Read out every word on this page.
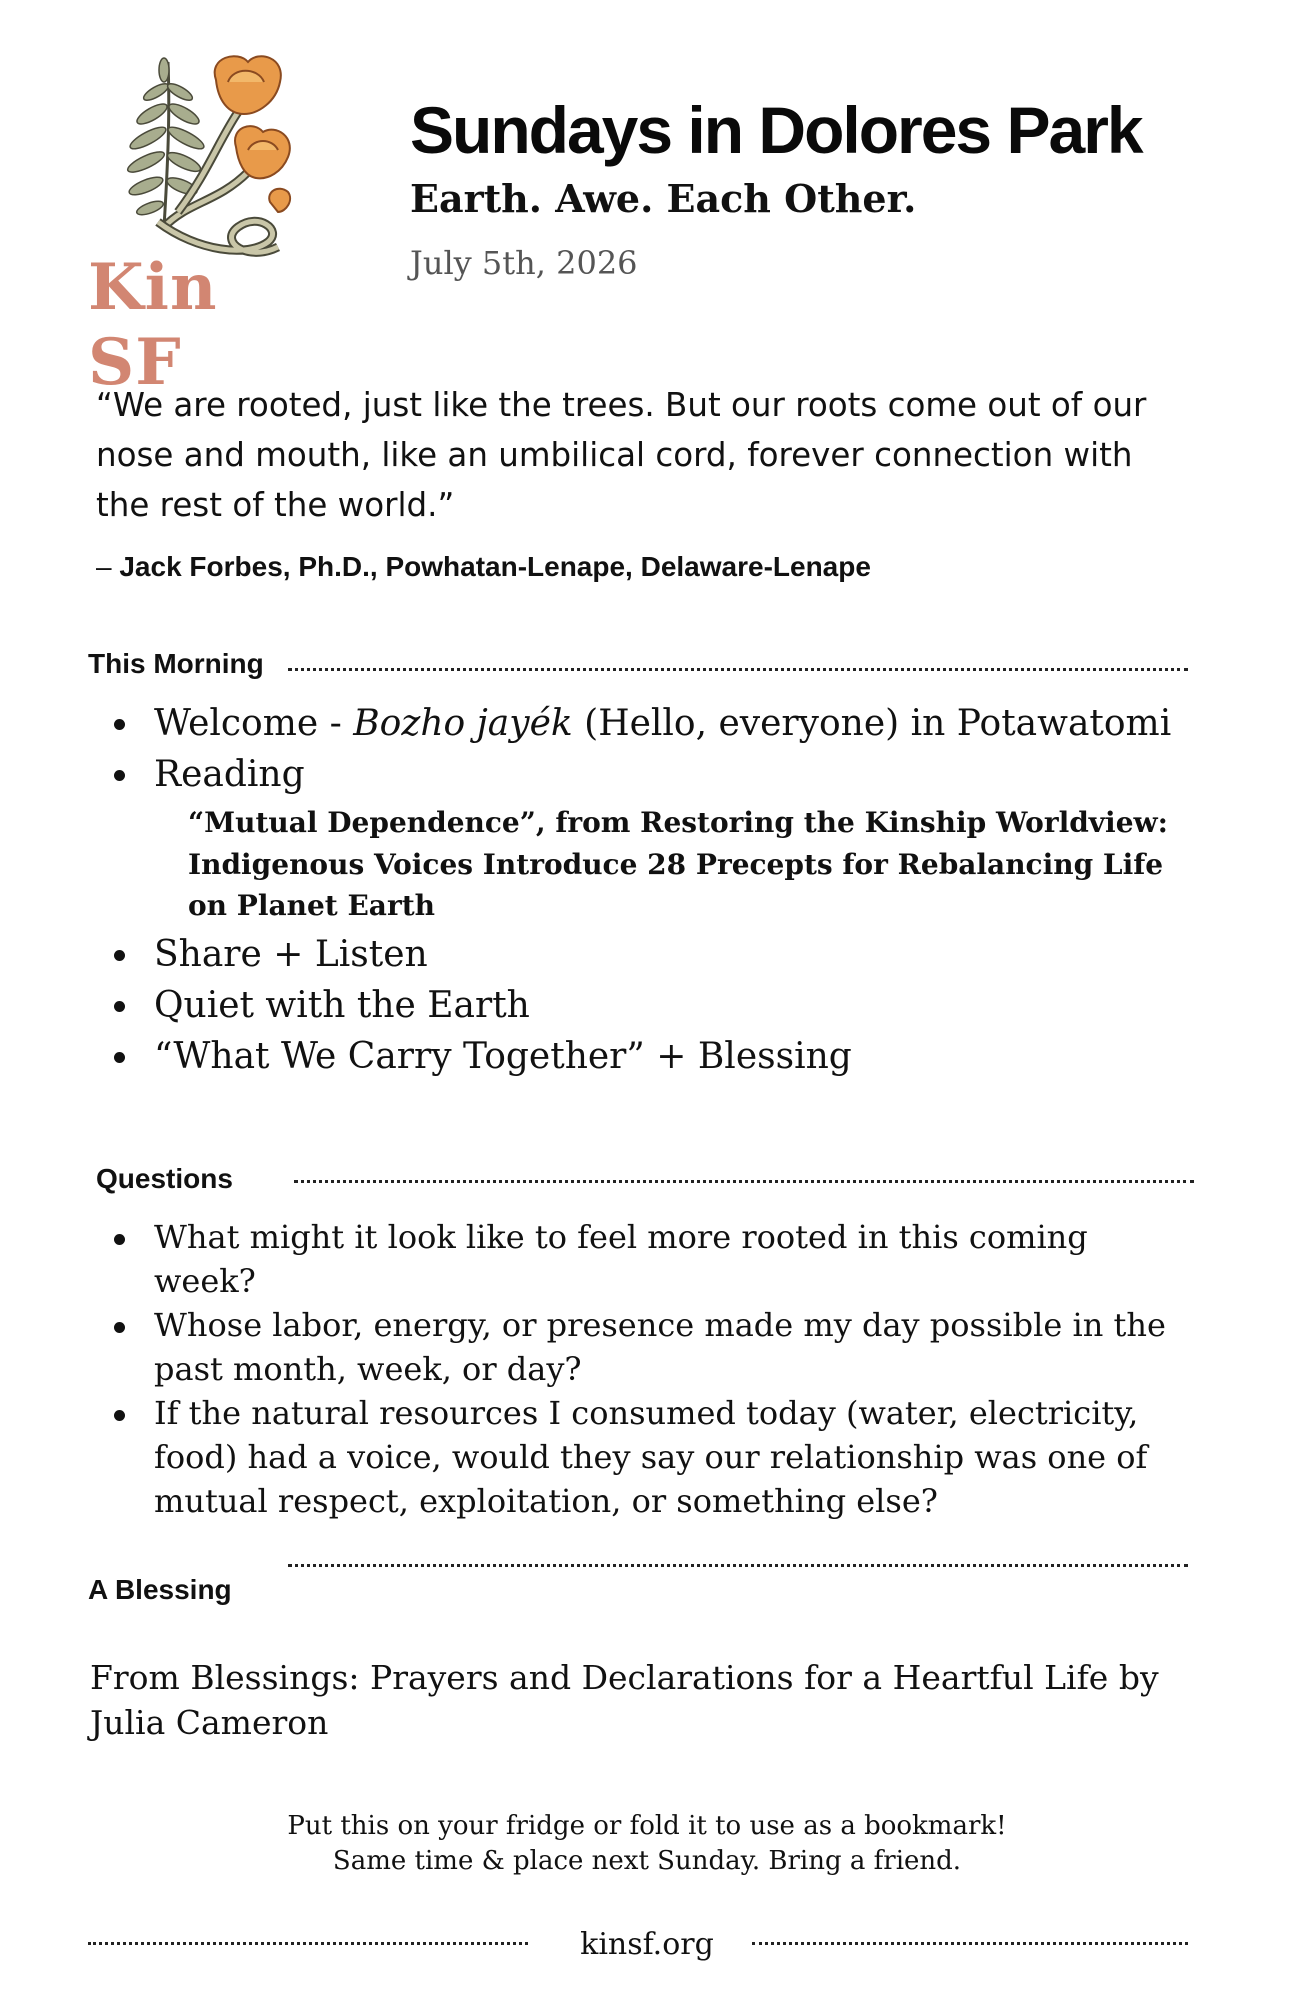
Kin SF
Sundays in Dolores Park
Earth. Awe. Each Other.
July 5th, 2026
“We are rooted, just like the trees. But our roots come out of our nose and mouth, like an umbilical cord, forever connection with the rest of the world.”
– Jack Forbes, Ph.D., Powhatan-Lenape, Delaware-Lenape
This Morning
Welcome - Bozho jayék (Hello, everyone) in Potawatomi
Reading
“Mutual Dependence”, from Restoring the Kinship Worldview: Indigenous Voices Introduce 28 Precepts for Rebalancing Life on Planet Earth
Share + Listen
Quiet with the Earth
“What We Carry Together” + Blessing
Questions
What might it look like to feel more rooted in this coming week?
Whose labor, energy, or presence made my day possible in the past month, week, or day?
If the natural resources I consumed today (water, electricity, food) had a voice, would they say our relationship was one of mutual respect, exploitation, or something else?
A Blessing
From Blessings: Prayers and Declarations for a Heartful Life by Julia Cameron
Put this on your fridge or fold it to use as a bookmark!
Same time & place next Sunday. Bring a friend.
kinsf.org
